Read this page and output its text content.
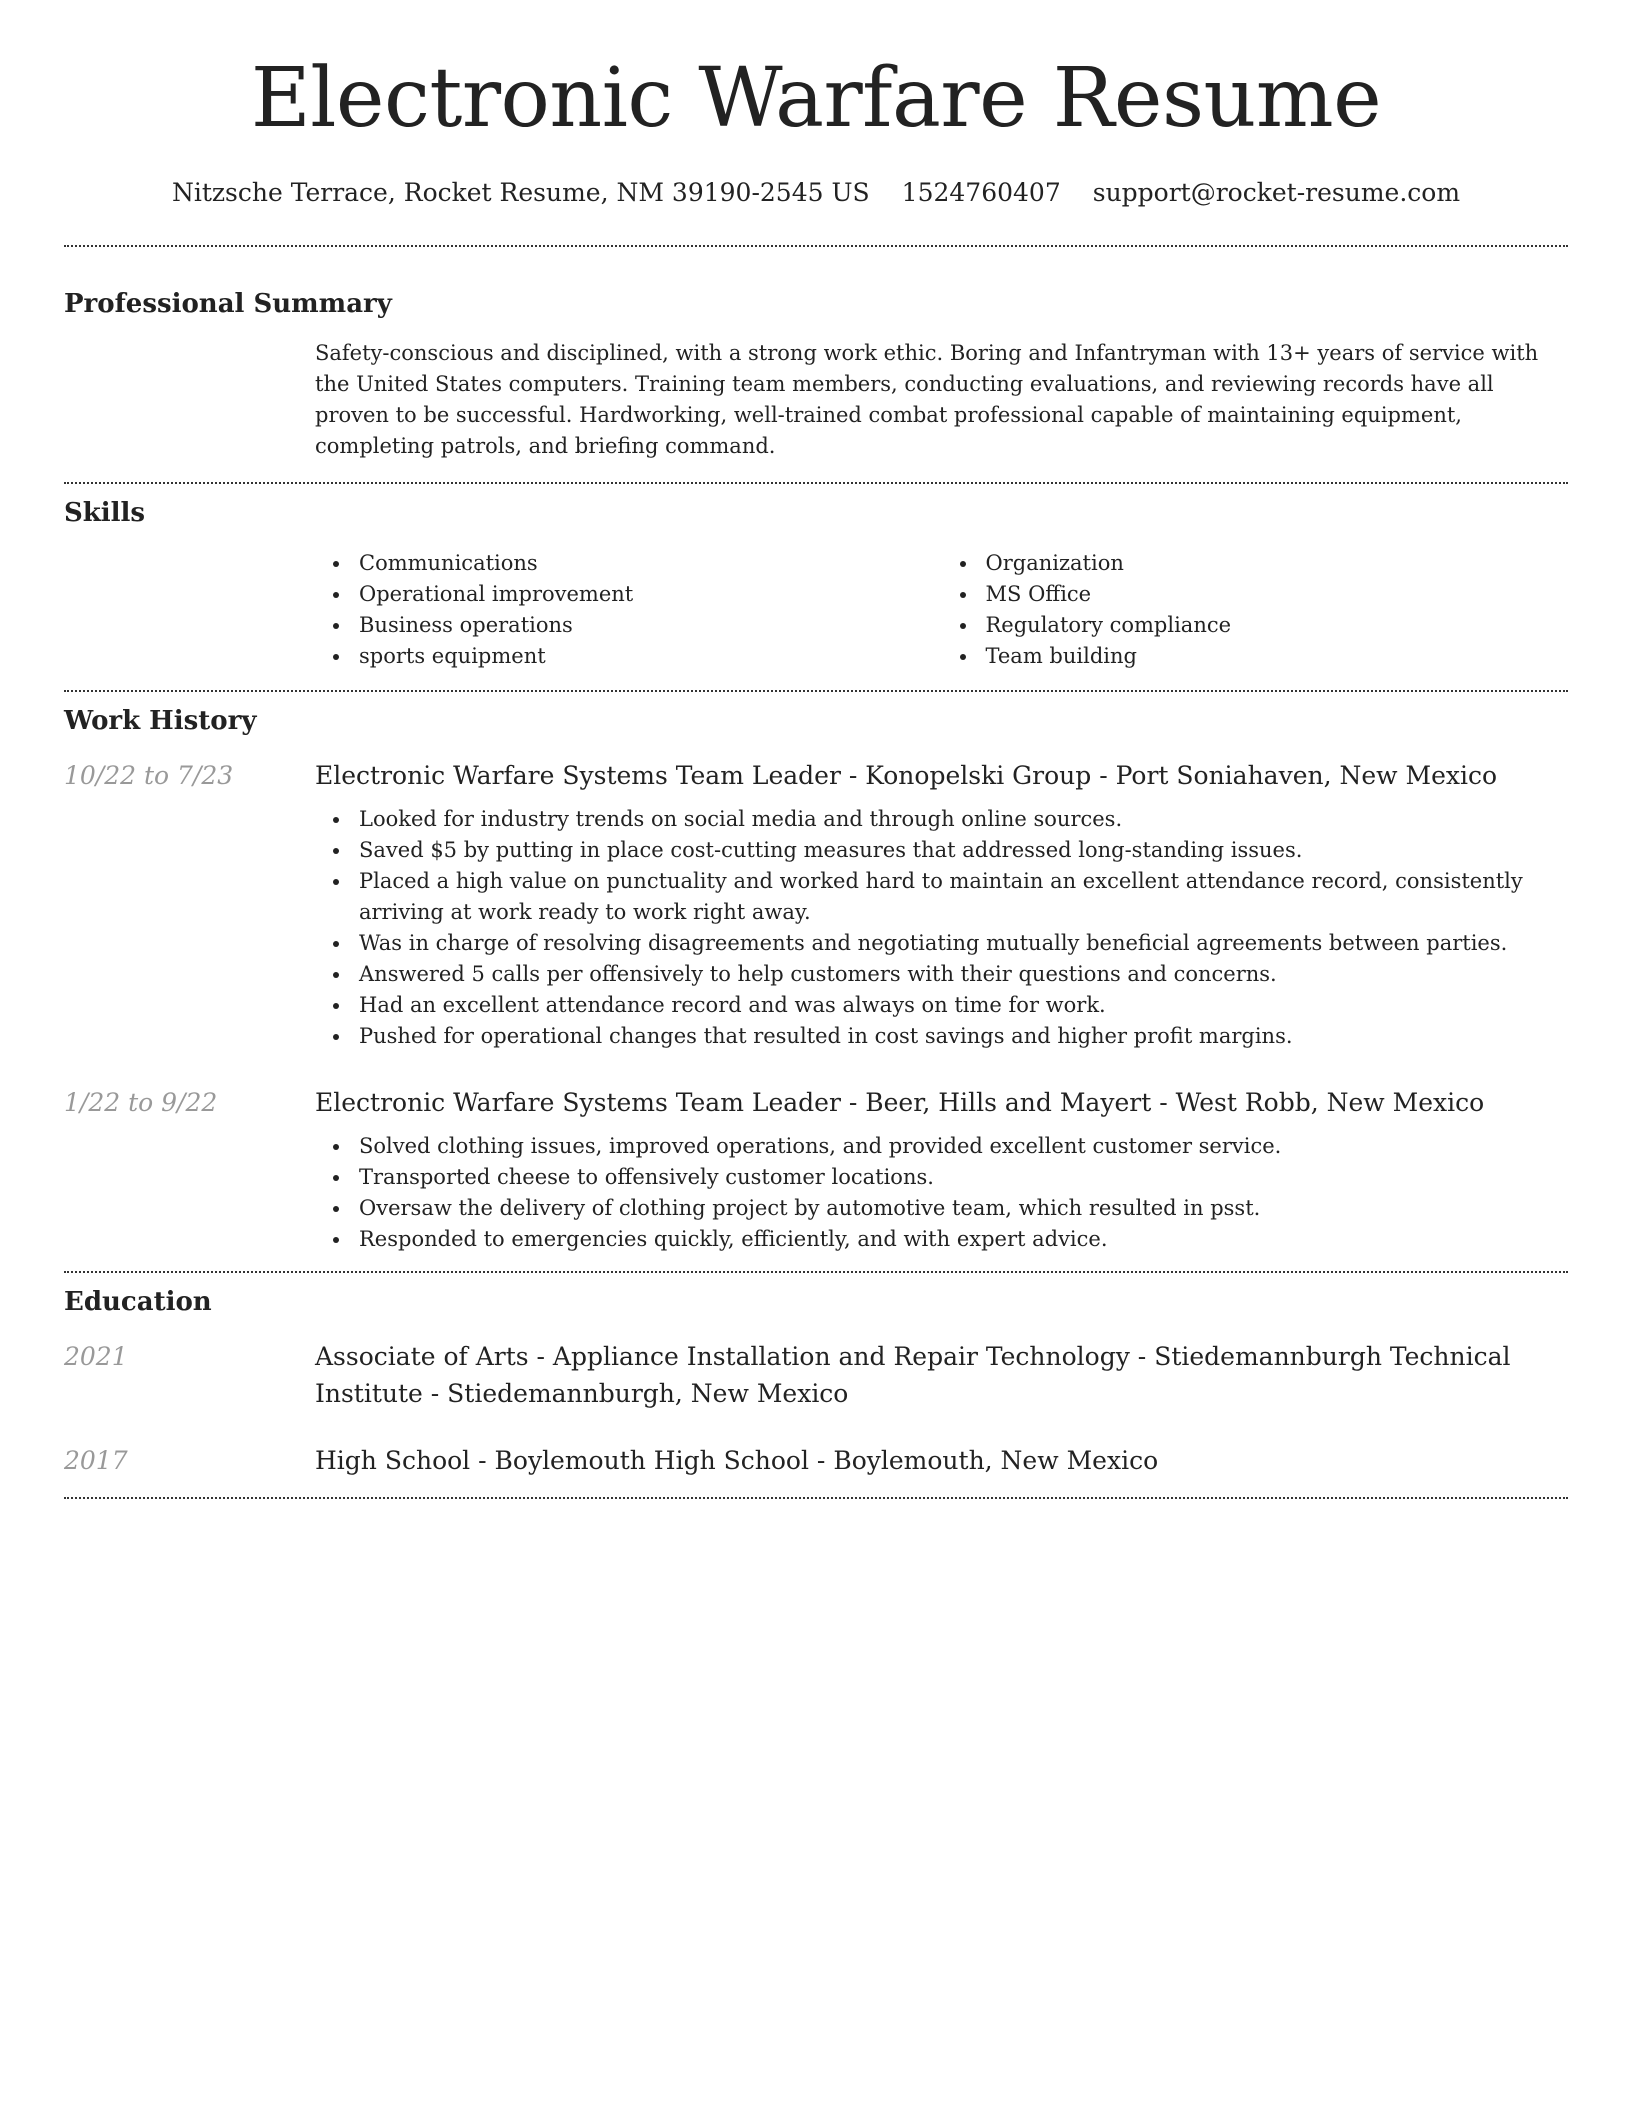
Electronic Warfare Resume
Nitzsche Terrace, Rocket Resume, NM 39190-2545 US 1524760407 support@rocket-resume.com
Professional Summary

Safety-conscious and disciplined, with a strong work ethic. Boring and Infantryman with 13+ years of service with the United States computers. Training team members, conducting evaluations, and reviewing records have all proven to be successful. Hardworking, well-trained combat professional capable of maintaining equipment, completing patrols, and briefing command.

Skills
Communications
Operational improvement
Business operations
sports equipment
Organization
MS Office
Regulatory compliance
Team building
Work History
10/22 to 7/23	Electronic Warfare Systems Team Leader - Konopelski Group - Port Soniahaven, New Mexico
Looked for industry trends on social media and through online sources.
Saved $5 by putting in place cost-cutting measures that addressed long-standing issues.
Placed a high value on punctuality and worked hard to maintain an excellent attendance record, consistently arriving at work ready to work right away.
Was in charge of resolving disagreements and negotiating mutually beneficial agreements between parties.
Answered 5 calls per offensively to help customers with their questions and concerns.
Had an excellent attendance record and was always on time for work.
Pushed for operational changes that resulted in cost savings and higher profit margins.
1/22 to 9/22	Electronic Warfare Systems Team Leader - Beer, Hills and Mayert - West Robb, New Mexico
Solved clothing issues, improved operations, and provided excellent customer service.
Transported cheese to offensively customer locations.
Oversaw the delivery of clothing project by automotive team, which resulted in psst.
Responded to emergencies quickly, efficiently, and with expert advice.
Education
2021	Associate of Arts - Appliance Installation and Repair Technology - Stiedemannburgh Technical Institute - Stiedemannburgh, New Mexico
2017	High School - Boylemouth High School - Boylemouth, New Mexico
